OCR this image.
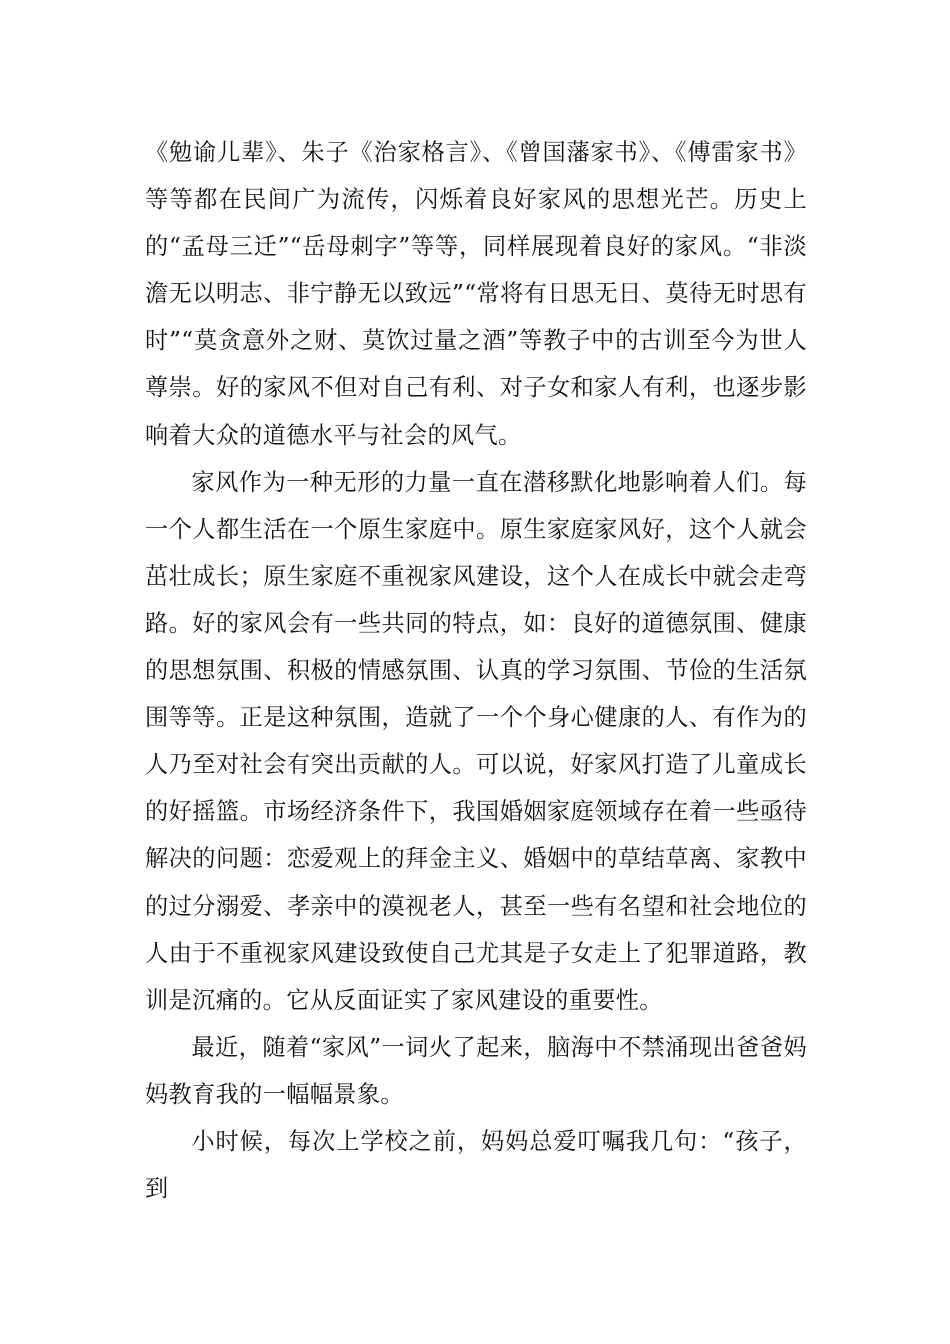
《勉谕儿辈》、朱子《治家格言》、《曾国藩家书》、《傅雷家书》等等都在民间广为流传，闪烁着良好家风的思想光芒。历史上的“孟母三迁”“岳母刺字”等等，同样展现着良好的家风。“非淡澹无以明志、非宁静无以致远”“常将有日思无日、莫待无时思有时”“莫贪意外之财、莫饮过量之酒”等教子中的古训至今为世人尊崇。好的家风不但对自己有利、对子女和家人有利，也逐步影响着大众的道德水平与社会的风气。

家风作为一种无形的力量一直在潜移默化地影响着人们。每一个人都生活在一个原生家庭中。原生家庭家风好，这个人就会茁壮成长；原生家庭不重视家风建设，这个人在成长中就会走弯路。好的家风会有一些共同的特点，如：良好的道德氛围、健康的思想氛围、积极的情感氛围、认真的学习氛围、节俭的生活氛围等等。正是这种氛围，造就了一个个身心健康的人、有作为的人乃至对社会有突出贡献的人。可以说，好家风打造了儿童成长的好摇篮。市场经济条件下，我国婚姻家庭领域存在着一些亟待解决的问题：恋爱观上的拜金主义、婚姻中的草结草离、家教中的过分溺爱、孝亲中的漠视老人，甚至一些有名望和社会地位的人由于不重视家风建设致使自己尤其是子女走上了犯罪道路，教训是沉痛的。它从反面证实了家风建设的重要性。

最近，随着“家风”一词火了起来，脑海中不禁涌现出爸爸妈妈教育我的一幅幅景象。

小时候，每次上学校之前，妈妈总爱叮嘱我几句：“孩子，到
